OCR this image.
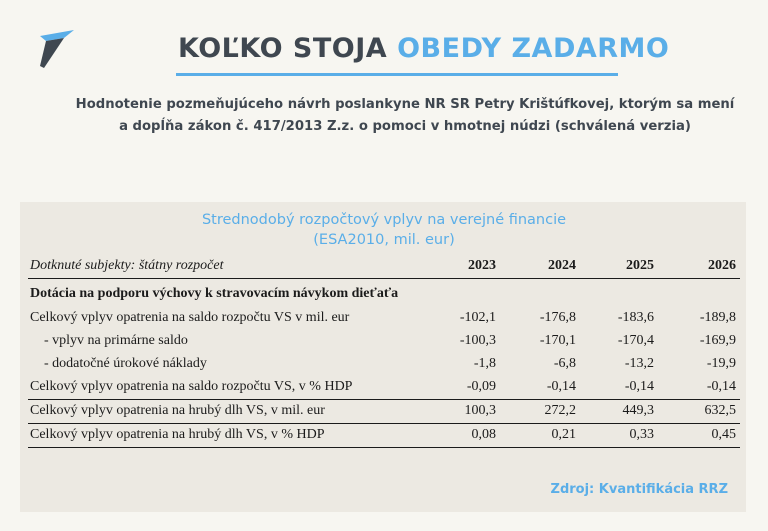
KOĽKO STOJA OBEDY ZADARMO
Hodnotenie pozmeňujúceho návrh poslankyne NR SR Petry Krištúfkovej, ktorým sa mení
a dopĺňa zákon č. 417/2013 Z.z. o pomoci v hmotnej núdzi (schválená verzia)
Strednodobý rozpočtový vplyv na verejné financie
(ESA2010, mil. eur)
Dotknuté subjekty: štátny rozpočet	2023	2024	2025	2026
Dotácia na podporu výchovy k stravovacím návykom dieťaťa
Celkový vplyv opatrenia na saldo rozpočtu VS v mil. eur	-102,1	-176,8	-183,6	-189,8
- vplyv na primárne saldo	-100,3	-170,1	-170,4	-169,9
- dodatočné úrokové náklady	-1,8	-6,8	-13,2	-19,9
Celkový vplyv opatrenia na saldo rozpočtu VS, v % HDP	-0,09	-0,14	-0,14	-0,14
Celkový vplyv opatrenia na hrubý dlh VS, v mil. eur	100,3	272,2	449,3	632,5
Celkový vplyv opatrenia na hrubý dlh VS, v % HDP	0,08	0,21	0,33	0,45
Zdroj: Kvantifikácia RRZ
